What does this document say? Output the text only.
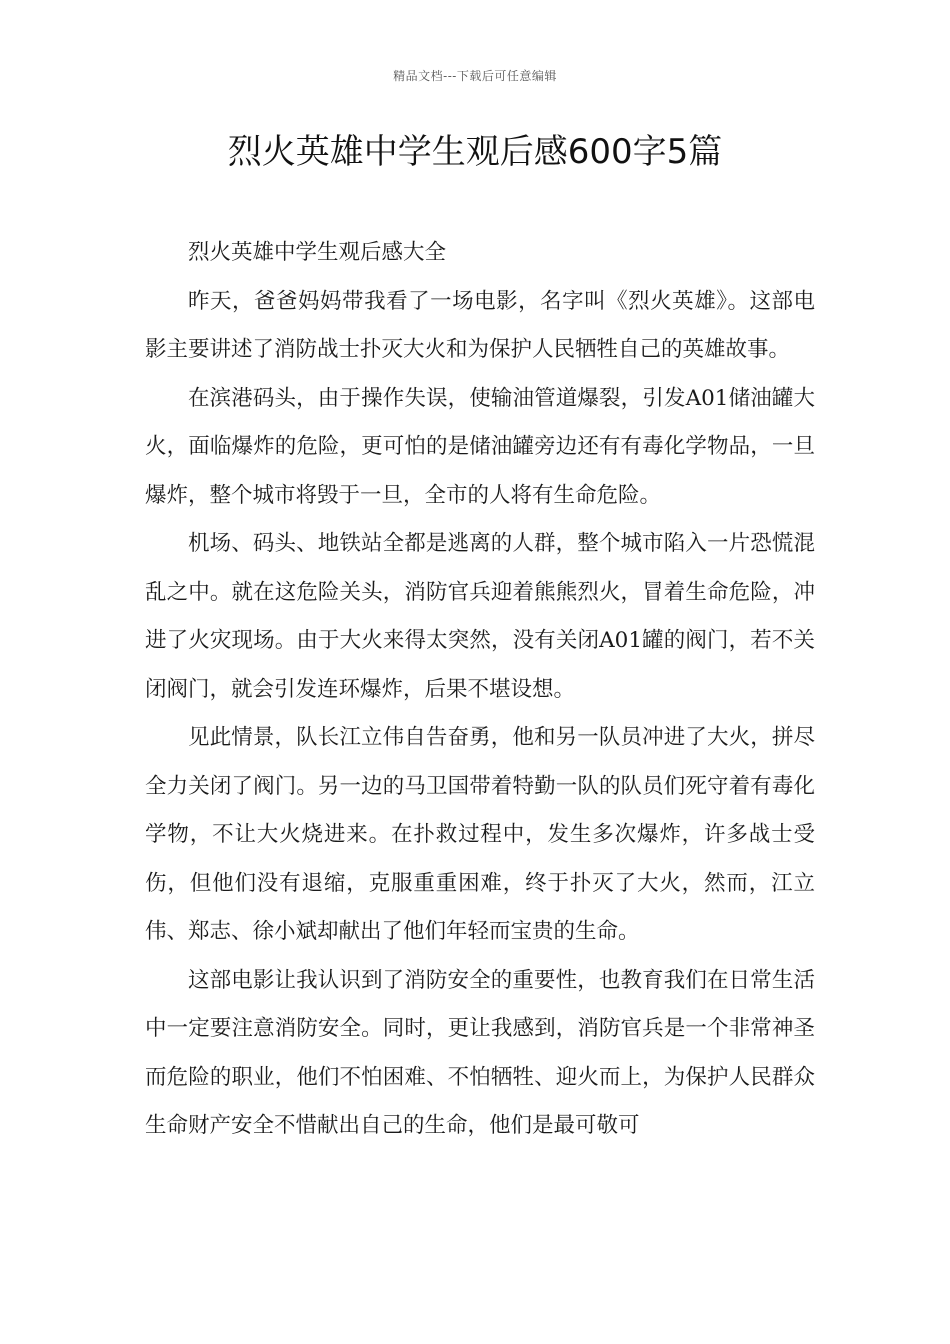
精品文档---下载后可任意编辑
烈火英雄中学生观后感600字5篇

烈火英雄中学生观后感大全

昨天，爸爸妈妈带我看了一场电影，名字叫《烈火英雄》。这部电影主要讲述了消防战士扑灭大火和为保护人民牺牲自己的英雄故事。

在滨港码头，由于操作失误，使输油管道爆裂，引发A01储油罐大火，面临爆炸的危险，更可怕的是储油罐旁边还有有毒化学物品，一旦爆炸，整个城市将毁于一旦，全市的人将有生命危险。

机场、码头、地铁站全都是逃离的人群，整个城市陷入一片恐慌混乱之中。就在这危险关头，消防官兵迎着熊熊烈火，冒着生命危险，冲进了火灾现场。由于大火来得太突然，没有关闭A01罐的阀门，若不关闭阀门，就会引发连环爆炸，后果不堪设想。

见此情景，队长江立伟自告奋勇，他和另一队员冲进了大火，拼尽全力关闭了阀门。另一边的马卫国带着特勤一队的队员们死守着有毒化学物，不让大火烧进来。在扑救过程中，发生多次爆炸，许多战士受伤，但他们没有退缩，克服重重困难，终于扑灭了大火，然而，江立伟、郑志、徐小斌却献出了他们年轻而宝贵的生命。

这部电影让我认识到了消防安全的重要性，也教育我们在日常生活中一定要注意消防安全。同时，更让我感到，消防官兵是一个非常神圣而危险的职业，他们不怕困难、不怕牺牲、迎火而上，为保护人民群众生命财产安全不惜献出自己的生命，他们是最可敬可
